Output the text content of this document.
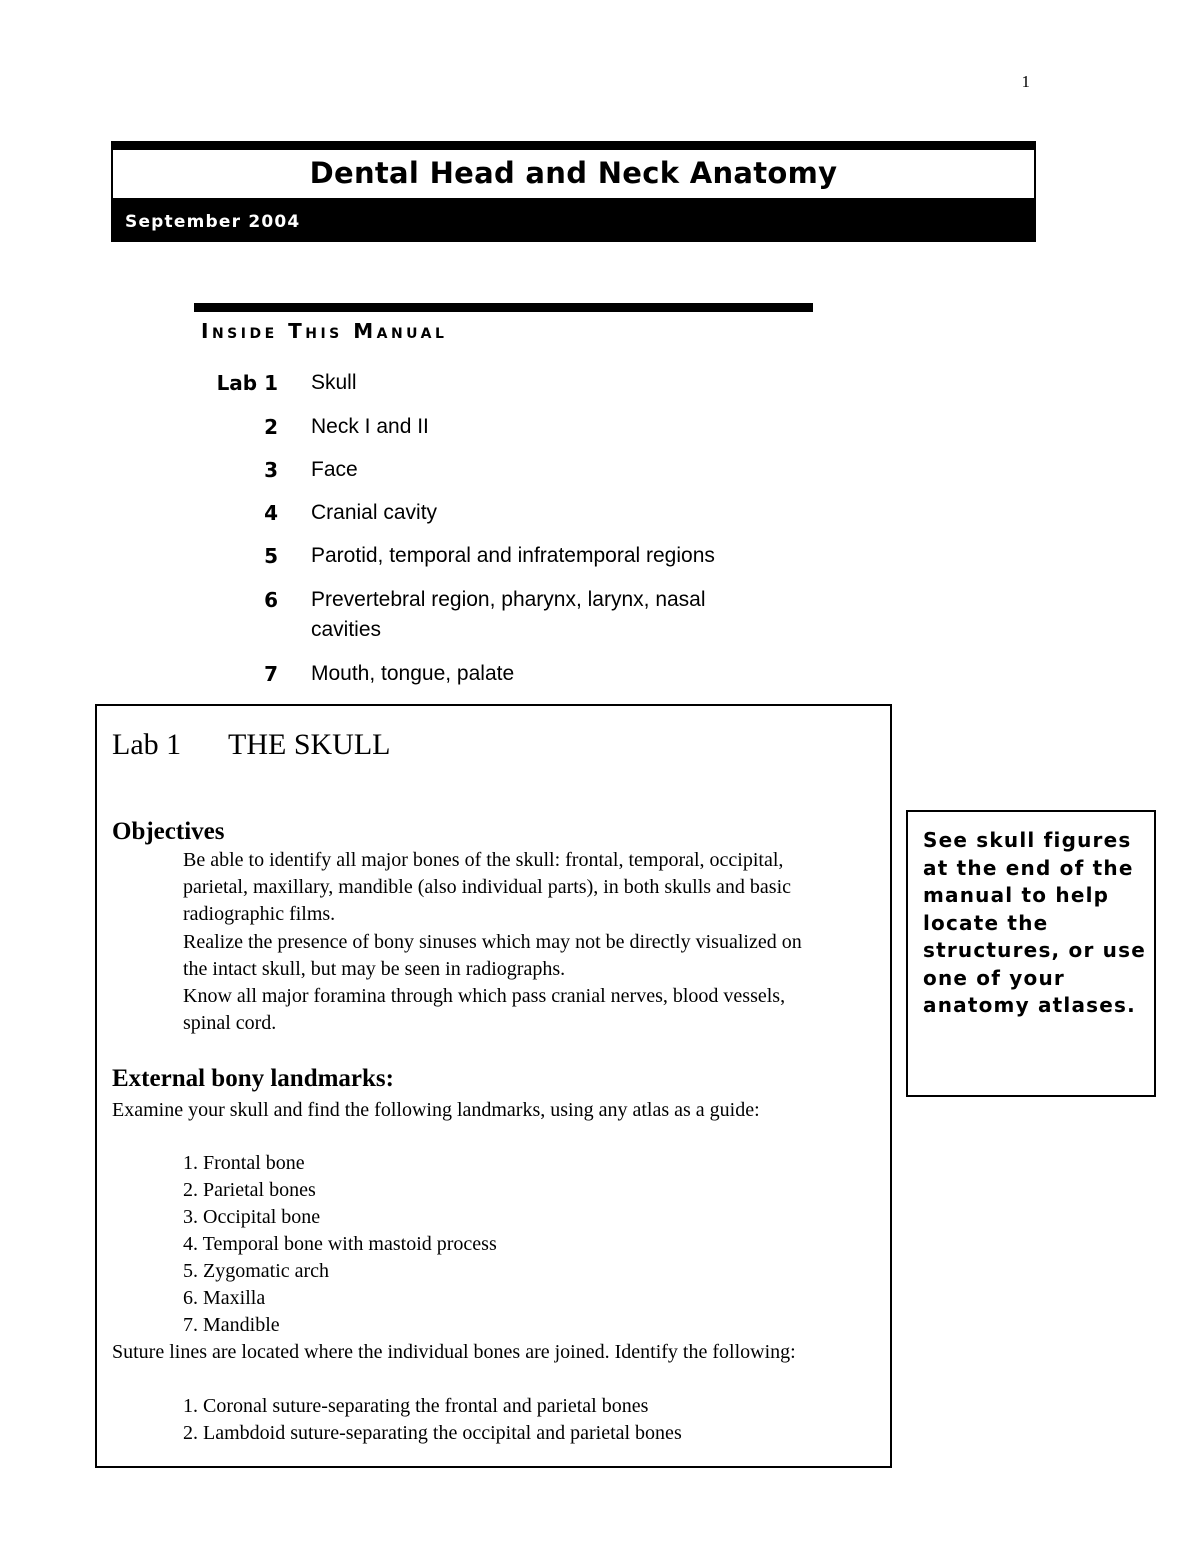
1
Dental Head and Neck Anatomy
September 2004
Inside This Manual
Lab 1 Skull
2 Neck I and II
3 Face
4 Cranial cavity
5 Parotid, temporal and infratemporal regions
6 Prevertebral region, pharynx, larynx, nasal cavities
7 Mouth, tongue, palate
Lab 1 THE SKULL
Objectives
Be able to identify all major bones of the skull: frontal, temporal, occipital, parietal, maxillary, mandible (also individual parts), in both skulls and basic radiographic films.
Realize the presence of bony sinuses which may not be directly visualized on the intact skull, but may be seen in radiographs.
Know all major foramina through which pass cranial nerves, blood vessels, spinal cord.
External bony landmarks:
Examine your skull and find the following landmarks, using any atlas as a guide:
1. Frontal bone
2. Parietal bones
3. Occipital bone
4. Temporal bone with mastoid process
5. Zygomatic arch
6. Maxilla
7. Mandible
Suture lines are located where the individual bones are joined. Identify the following:
1. Coronal suture-separating the frontal and parietal bones
2. Lambdoid suture-separating the occipital and parietal bones
See skull figures at the end of the manual to help locate the structures, or use one of your anatomy atlases.
